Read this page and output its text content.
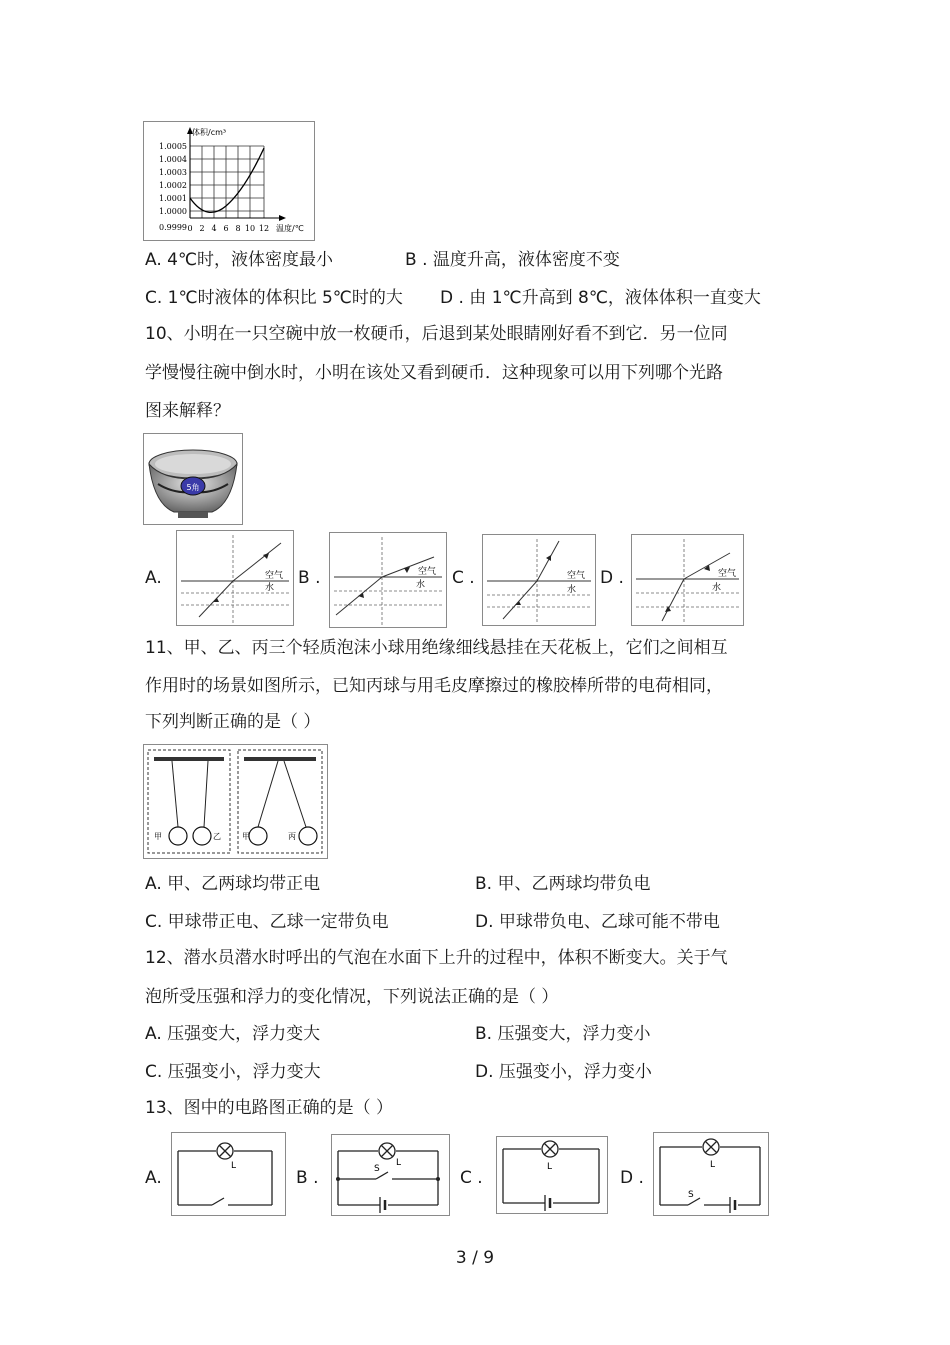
体积/cm³
温度/℃
1.0005
1.0004
1.0003
1.0002
1.0001
1.0000
0.9999 0 2 4 6 8 10 12
A. 4℃时，液体密度最小	B . 温度升高，液体密度不变
C. 1℃时液体的体积比 5℃时的大 D . 由 1℃升高到 8℃，液体体积一直变大
10、小明在一只空碗中放一枚硬币，后退到某处眼睛刚好看不到它．另一位同
学慢慢往碗中倒水时，小明在该处又看到硬币．这种现象可以用下列哪个光路
图来解释？
5角
A.	B .	C .	D .
空气
水
空气
水
空气
水
空气
水
11、甲、乙、丙三个轻质泡沫小球用绝缘细线悬挂在天花板上，它们之间相互
作用时的场景如图所示，已知丙球与用毛皮摩擦过的橡胶棒所带的电荷相同，
下列判断正确的是（ ）
甲	乙	甲	丙
A. 甲、乙两球均带正电	B. 甲、乙两球均带负电
C. 甲球带正电、乙球一定带负电	D. 甲球带负电、乙球可能不带电
12、潜水员潜水时呼出的气泡在水面下上升的过程中，体积不断变大。关于气
泡所受压强和浮力的变化情况，下列说法正确的是（ ）
A. 压强变大，浮力变大	B. 压强变大，浮力变小
C. 压强变小，浮力变大	D. 压强变小，浮力变小
13、图中的电路图正确的是（ ）
A.	B .	C .	D .
L	L
S	L	L
S
3 / 9
